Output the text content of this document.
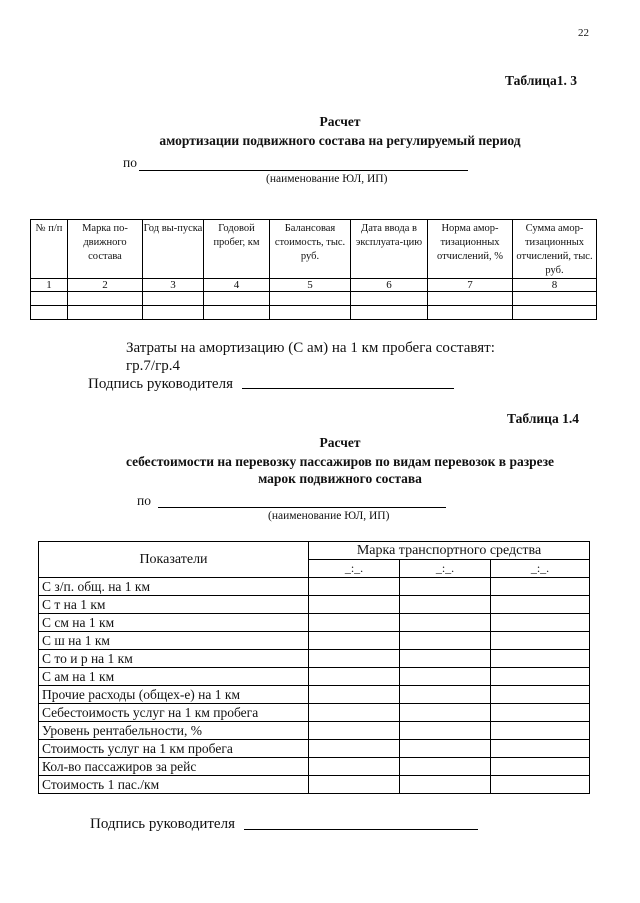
22
Таблица1. 3
Расчет
амортизации подвижного состава на регулируемый период
по
(наименование ЮЛ, ИП)
№ п/п	Марка по-движного состава	Год вы-пуска	Годовой пробег, км	Балансовая стоимость, тыс. руб.	Дата ввода в эксплуата-цию	Норма амор-тизационных отчислений, %	Сумма амор-тизационных отчислений, тыс. руб.
1	2	3	4	5	6	7	8

Затраты на амортизацию (С ам) на 1 км пробега составят:
гр.7/гр.4
Подпись руководителя
Таблица 1.4
Расчет
себестоимости на перевозку пассажиров по видам перевозок в разрезе
марок подвижного состава
по
(наименование ЮЛ, ИП)
Показатели	Марка транспортного средства		
	_:_.	_:_.	_:_.
С з/п. общ. на 1 км			
С т на 1 км			
С см на 1 км			
С ш на 1 км			
С то и р на 1 км			
С ам на 1 км			
Прочие расходы (общех-е) на 1 км			
Себестоимость услуг на 1 км пробега			
Уровень рентабельности, %			
Стоимость услуг на 1 км пробега			
Кол-во пассажиров за рейс			
Стоимость 1 пас./км			
Подпись руководителя
